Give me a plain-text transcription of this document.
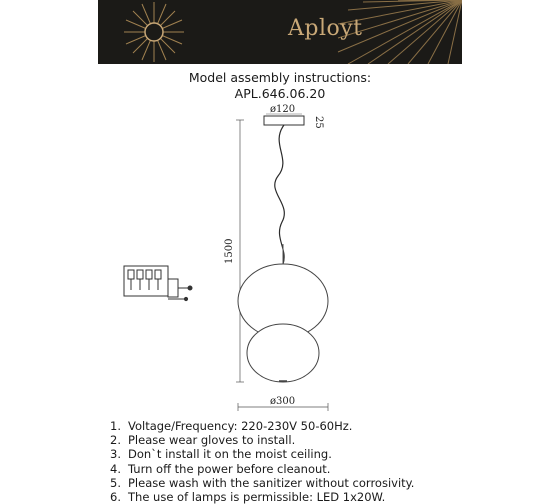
Aployt
Model assembly instructions:
APL.646.06.20
ø120
25
1500
ø300
1. Voltage/Frequency: 220-230V 50-60Hz.
2. Please wear gloves to install.
3. Don`t install it on the moist ceiling.
4. Turn off the power before cleanout.
5. Please wash with the sanitizer without corrosivity.
6. The use of lamps is permissible: LED 1x20W.
